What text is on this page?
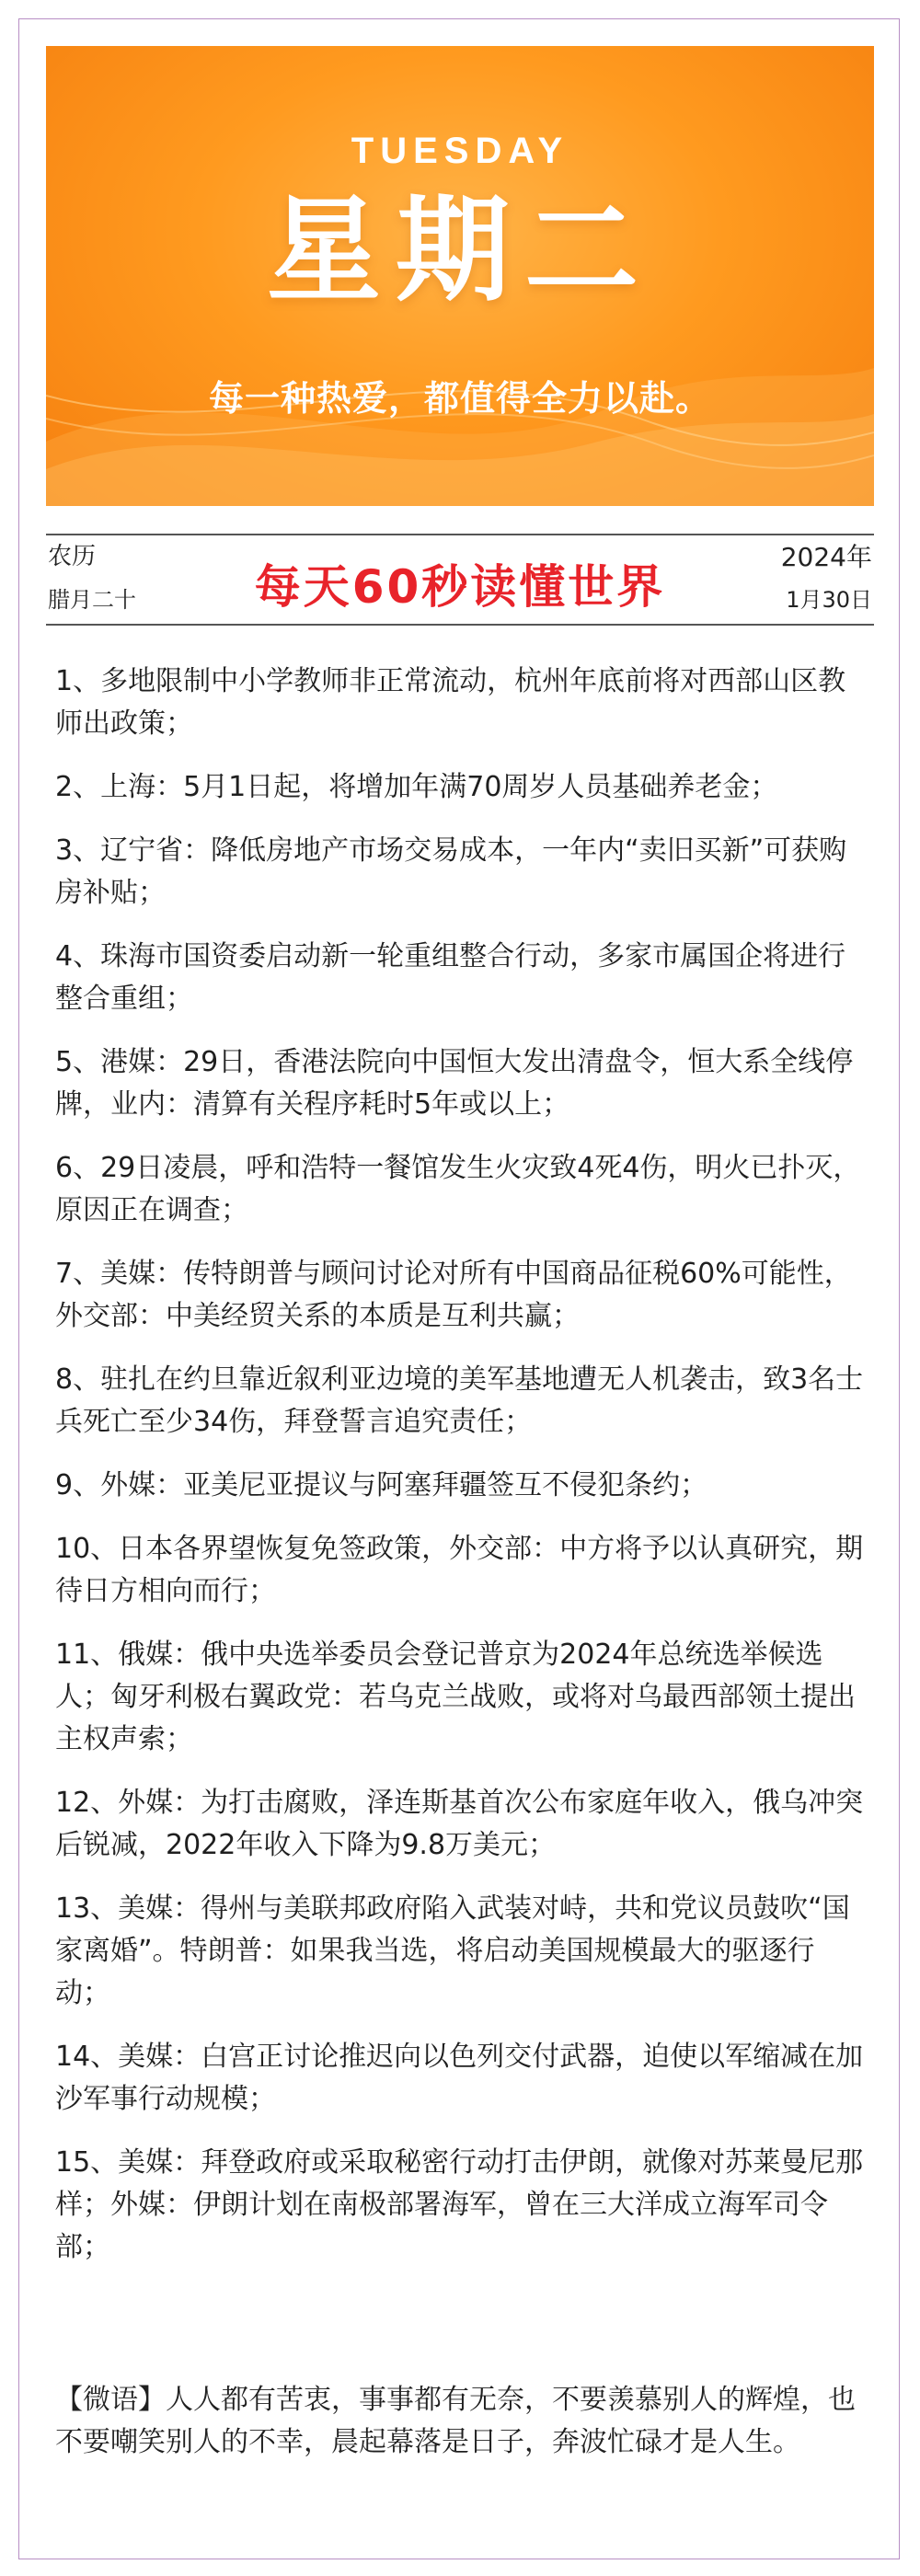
TUESDAY
星期二
每一种热爱，都值得全力以赴。
农历
腊月二十	每天60秒读懂世界
2024年
1月30日
1、多地限制中小学教师非正常流动，杭州年底前将对西部山区教师出政策；
2、上海：5月1日起，将增加年满70周岁人员基础养老金；
3、辽宁省：降低房地产市场交易成本，一年内“卖旧买新”可获购房补贴；
4、珠海市国资委启动新一轮重组整合行动，多家市属国企将进行整合重组；
5、港媒：29日，香港法院向中国恒大发出清盘令，恒大系全线停牌，业内：清算有关程序耗时5年或以上；
6、29日凌晨，呼和浩特一餐馆发生火灾致4死4伤，明火已扑灭，原因正在调查；
7、美媒：传特朗普与顾问讨论对所有中国商品征税60%可能性，外交部：中美经贸关系的本质是互利共赢；
8、驻扎在约旦靠近叙利亚边境的美军基地遭无人机袭击，致3名士兵死亡至少34伤，拜登誓言追究责任；
9、外媒：亚美尼亚提议与阿塞拜疆签互不侵犯条约；
10、日本各界望恢复免签政策，外交部：中方将予以认真研究，期待日方相向而行；
11、俄媒：俄中央选举委员会登记普京为2024年总统选举候选人；匈牙利极右翼政党：若乌克兰战败，或将对乌最西部领土提出主权声索；
12、外媒：为打击腐败，泽连斯基首次公布家庭年收入，俄乌冲突后锐减，2022年收入下降为9.8万美元；
13、美媒：得州与美联邦政府陷入武装对峙，共和党议员鼓吹“国家离婚”。特朗普：如果我当选，将启动美国规模最大的驱逐行动；
14、美媒：白宫正讨论推迟向以色列交付武器，迫使以军缩减在加沙军事行动规模；
15、美媒：拜登政府或采取秘密行动打击伊朗，就像对苏莱曼尼那样；外媒：伊朗计划在南极部署海军，曾在三大洋成立海军司令部；

【微语】人人都有苦衷，事事都有无奈，不要羡慕别人的辉煌，也不要嘲笑别人的不幸，晨起幕落是日子，奔波忙碌才是人生。
